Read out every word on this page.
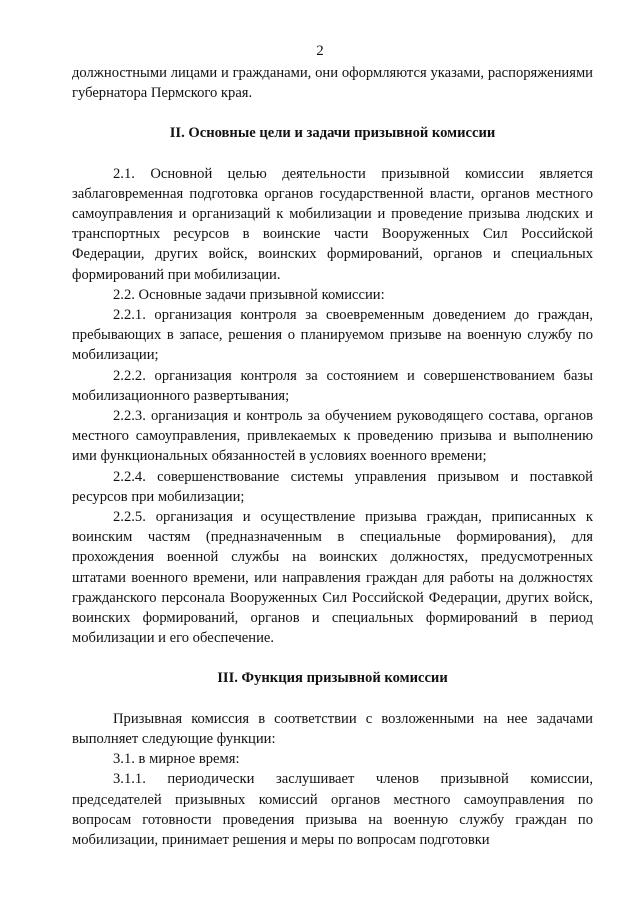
2

должностными лицами и гражданами, они оформляются указами, распоряжениями губернатора Пермского края.

II. Основные цели и задачи призывной комиссии

2.1. Основной целью деятельности призывной комиссии является заблаговременная подготовка органов государственной власти, органов местного самоуправления и организаций к мобилизации и проведение призыва людских и транспортных ресурсов в воинские части Вооруженных Сил Российской Федерации, других войск, воинских формирований, органов и специальных формирований при мобилизации.

2.2. Основные задачи призывной комиссии:

2.2.1. организация контроля за своевременным доведением до граждан, пребывающих в запасе, решения о планируемом призыве на военную службу по мобилизации;

2.2.2. организация контроля за состоянием и совершенствованием базы мобилизационного развертывания;

2.2.3. организация и контроль за обучением руководящего состава, органов местного самоуправления, привлекаемых к проведению призыва и выполнению ими функциональных обязанностей в условиях военного времени;

2.2.4. совершенствование системы управления призывом и поставкой ресурсов при мобилизации;

2.2.5. организация и осуществление призыва граждан, приписанных к воинским частям (предназначенным в специальные формирования), для прохождения военной службы на воинских должностях, предусмотренных штатами военного времени, или направления граждан для работы на должностях гражданского персонала Вооруженных Сил Российской Федерации, других войск, воинских формирований, органов и специальных формирований в период мобилизации и его обеспечение.

III. Функция призывной комиссии

Призывная комиссия в соответствии с возложенными на нее задачами выполняет следующие функции:

3.1. в мирное время:

3.1.1. периодически заслушивает членов призывной комиссии, председателей призывных комиссий органов местного самоуправления по вопросам готовности проведения призыва на военную службу граждан по мобилизации, принимает решения и меры по вопросам подготовки
